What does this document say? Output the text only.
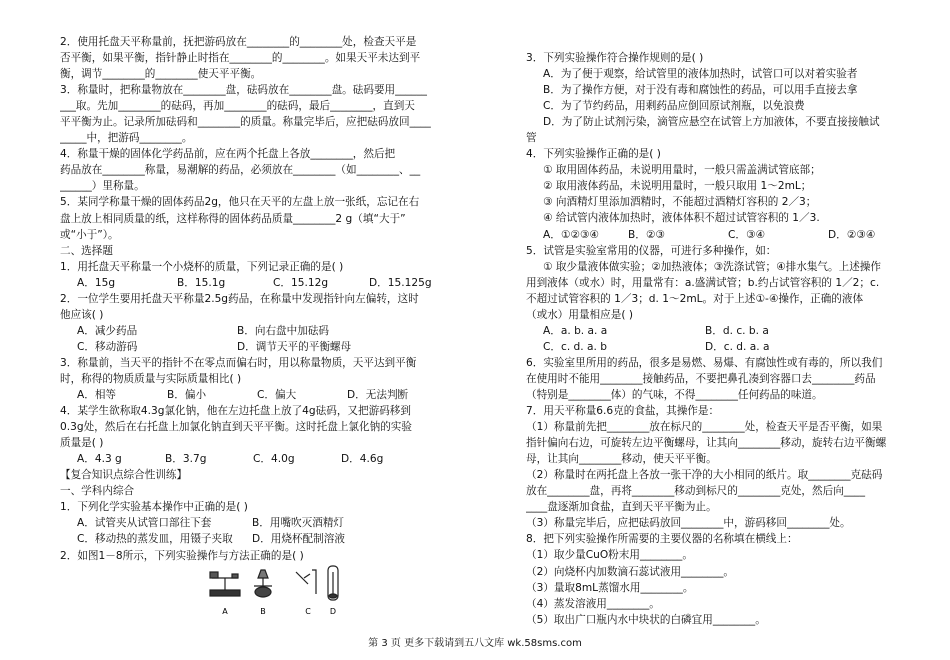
2．使用托盘天平称量前，抚把游码放在________的________处，检查天平是
否平衡，如果平衡，指针静止时指在________的________。如果天平未达到平
衡，调节________的________使天平平衡。
3．称量时，把称量物放在________盘，砝码放在________盘。砝码要用______
___取。先加________的砝码，再加________的砝码，最后________，直到天
平平衡为止。记录所加砝码和________的质量。称量完毕后，应把砝码放回____
_____中，把游码________。
4．称量干燥的固体化学药品前，应在两个托盘上各放________，然后把
药品放在________称量，易潮解的药品，必须放在________（如________、__
______）里称量。
5．某同学称量干燥的固体药品2g，他只在天平的左盘上放一张纸，忘记在右
盘上放上相同质量的纸，这样称得的固体药品质量________2 g（填“大于”
或“小于”）。
二、选择题
1．用托盘天平称量一个小烧杯的质量，下列记录正确的是( )
A．15g	B．15.1g	C．15.12g	D．15.125g
2．一位学生要用托盘天平称量2.5g药品，在称量中发现指针向左偏转，这时
他应该( )
A．减少药品	B．向右盘中加砝码
C．移动游码	D．调节天平的平衡螺母
3．称量前，当天平的指针不在零点而偏右时，用以称量物质，天平达到平衡
时，称得的物质质量与实际质量相比( )
A．相等	B．偏小	C．偏大	D．无法判断
4．某学生欲称取4.3g氯化钠，他在左边托盘上放了4g砝码，又把游码移到
0.3g处，然后在右托盘上加氯化钠直到天平平衡。这时托盘上氯化钠的实验
质量是( )
A．4.3 g	B．3.7g	C．4.0g	D．4.6g
【复合知识点综合性训练】
一、学科内综合
1．下列化学实验基本操作中正确的是( )
A．试管夹从试管口部往下套	B．用嘴吹灭酒精灯
C．移动热的蒸发皿，用镊子夹取	D．用烧杯配制溶液
2．如图1－8所示，下列实验操作与方法正确的是( )
A	B	C D
3．下列实验操作符合操作规则的是( )
A．为了便于观察，给试管里的液体加热时，试管口可以对着实验者
B．为了操作方便，对于没有毒和腐蚀性的药品，可以用手直接去拿
C．为了节约药品，用剩药品应倒回原试剂瓶，以免浪费
D．为了防止试剂污染，滴管应悬空在试管上方加液体，不要直接接触试
管
4．下列实验操作正确的是( )
① 取用固体药品，未说明用量时，一般只需盖满试管底部；
② 取用液体药品，未说明用量时，一般只取用 1～2mL；
③ 向酒精灯里添加酒精时，不能超过酒精灯容积的 2／3；
④ 给试管内液体加热时，液体体积不超过试管容积的 1／3.
A．①②③④	B．②③	C．③④	D．②③④
5．试管是实验室常用的仪器，可进行多种操作，如：
① 取少量液体做实验；②加热液体；③洗涤试管；④排水集气。上述操作
用到液体（或水）时，用量常有：a.盛满试管；b.约占试管容积的 1／2；c.
不超过试管容积的 1／3；d. 1～2mL。对于上述①-④操作，正确的液体
（或水）用量相应是( )
A．a. b. a. a	B．d. c. b. a
C．c. d. a. b	D．c. d. a. a
6．实验室里所用的药品，很多是易燃、易爆、有腐蚀性或有毒的，所以我们
在使用时不能用________接触药品，不要把鼻孔凑到容器口去________药品
（特别是________体）的气味，不得________任何药品的味道。
7．用天平称量6.6克的食盐，其操作是：
（1）称量前先把________放在标尺的________处，检查天平是否平衡，如果
指针偏向右边，可旋转左边平衡螺母，让其向________移动，旋转右边平衡螺
母，让其向________移动，使天平平衡。
（2）称量时在两托盘上各放一张干净的大小相同的纸片。取________克砝码
放在________盘，再将________移动到标尺的________克处，然后向____
____盘逐渐加食盐，直到天平平衡为止。
（3）称量完毕后，应把砝码放回________中，游码移回________处。
8．把下列实验操作所需要的主要仪器的名称填在横线上：
（1）取少量CuO粉末用________。
（2）向烧杯内加数滴石蕊试液用________。
（3）量取8mL蒸馏水用________。
（4）蒸发溶液用________。
（5）取出广口瓶内水中块状的白磷宜用________。
第 3 页 更多下载请到五八文库 wk.58sms.com
